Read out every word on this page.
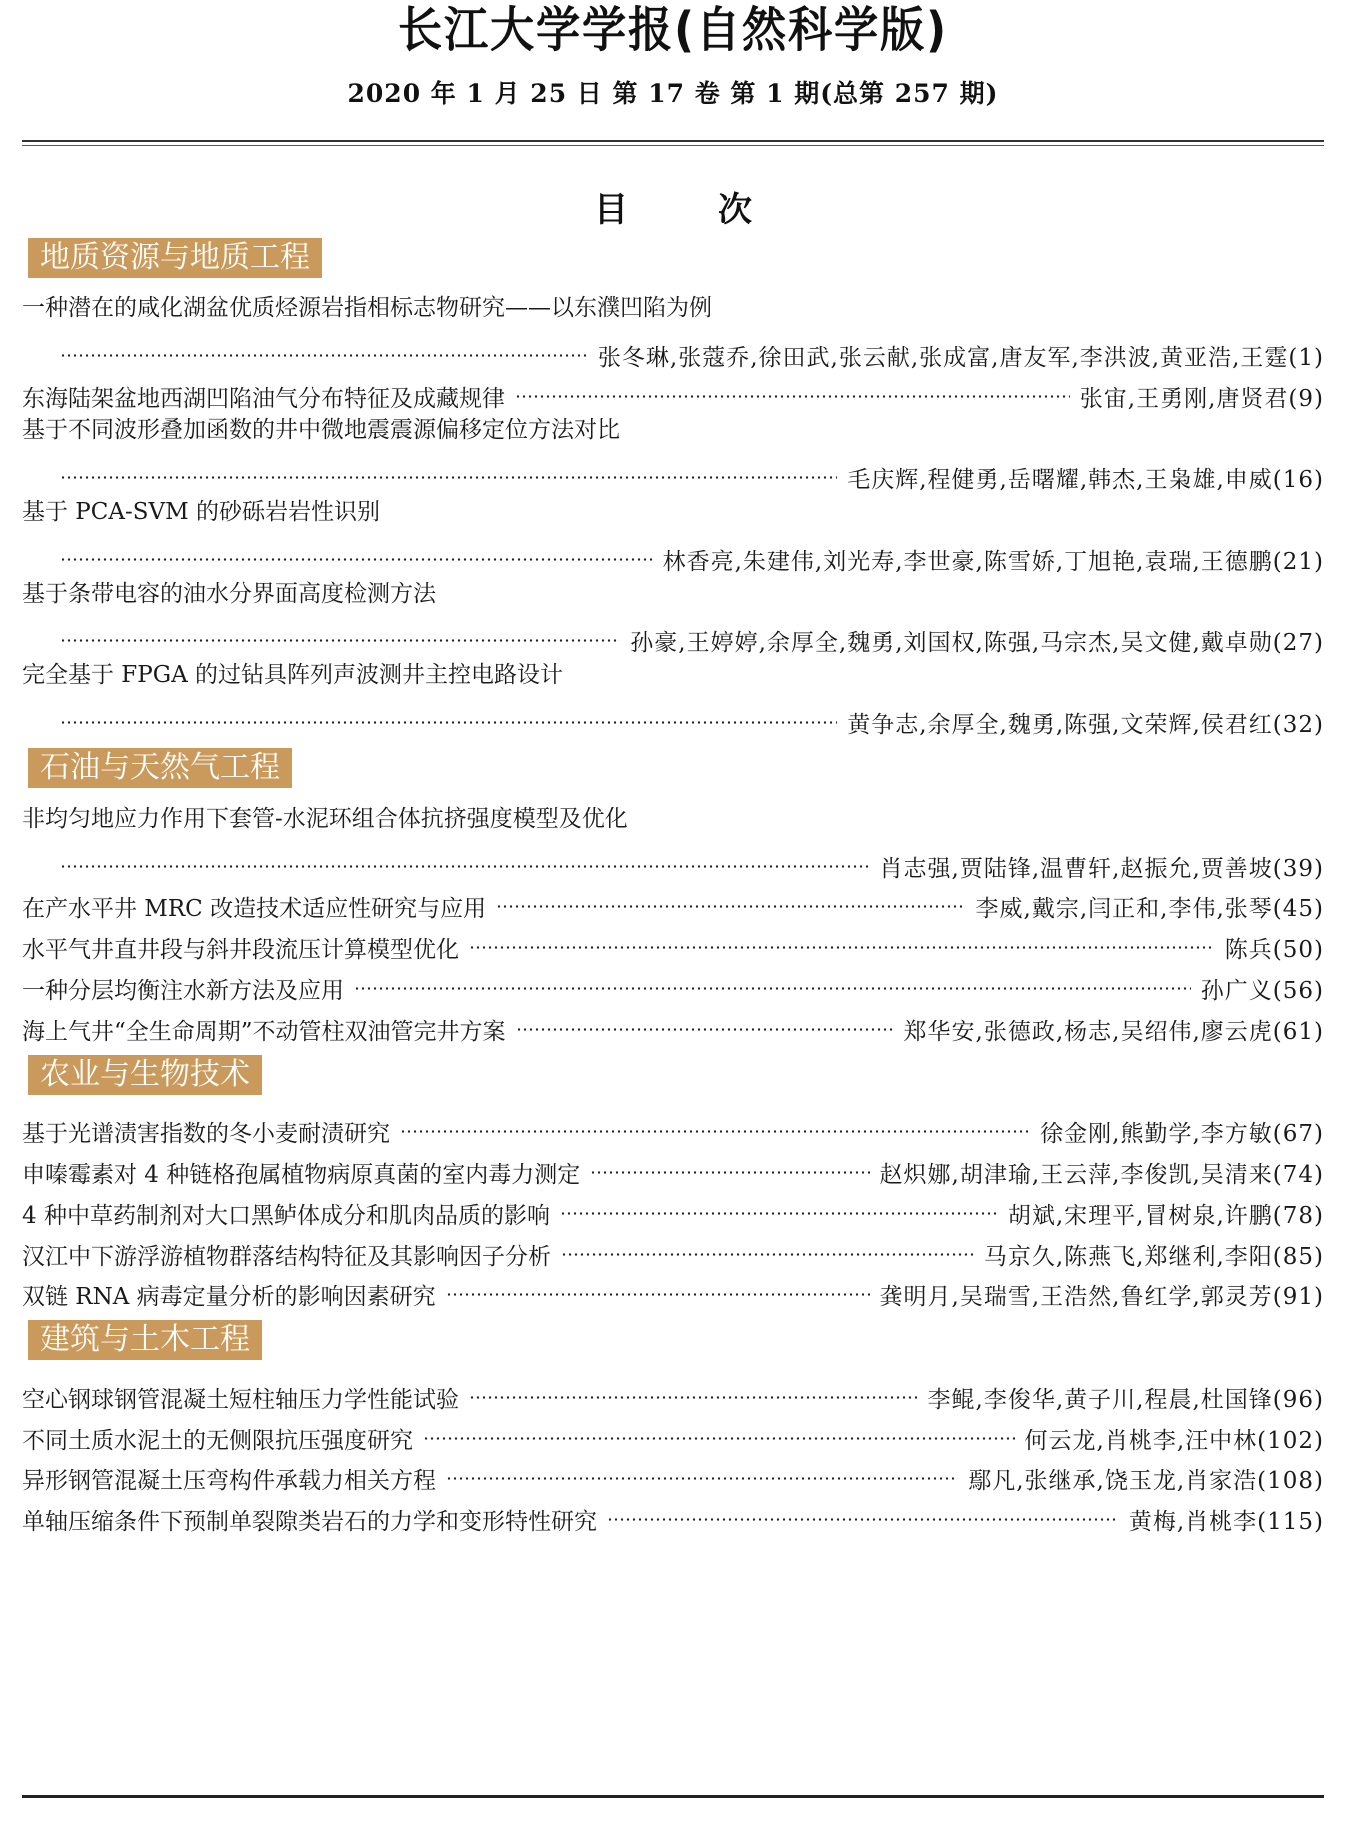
长江大学学报(自然科学版)
2020 年 1 月 25 日 第 17 卷 第 1 期(总第 257 期)
目	次
地质资源与地质工程
一种潜在的咸化湖盆优质烃源岩指相标志物研究——以东濮凹陷为例
张冬琳,张蔻乔,徐田武,张云献,张成富,唐友军,李洪波,黄亚浩,王霆(1)
东海陆架盆地西湖凹陷油气分布特征及成藏规律	张宙,王勇刚,唐贤君(9)
基于不同波形叠加函数的井中微地震震源偏移定位方法对比
毛庆辉,程健勇,岳曙耀,韩杰,王枭雄,申威(16)
基于 PCA-SVM 的砂砾岩岩性识别
林香亮,朱建伟,刘光寿,李世豪,陈雪娇,丁旭艳,袁瑞,王德鹏(21)
基于条带电容的油水分界面高度检测方法
孙豪,王婷婷,余厚全,魏勇,刘国权,陈强,马宗杰,吴文健,戴卓勋(27)
完全基于 FPGA 的过钻具阵列声波测井主控电路设计
黄争志,余厚全,魏勇,陈强,文荣辉,侯君红(32)
石油与天然气工程
非均匀地应力作用下套管-水泥环组合体抗挤强度模型及优化
肖志强,贾陆锋,温曹轩,赵振允,贾善坡(39)
在产水平井 MRC 改造技术适应性研究与应用	李威,戴宗,闫正和,李伟,张琴(45)
水平气井直井段与斜井段流压计算模型优化	陈兵(50)
一种分层均衡注水新方法及应用	孙广义(56)
海上气井“全生命周期”不动管柱双油管完井方案	郑华安,张德政,杨志,吴绍伟,廖云虎(61)
农业与生物技术
基于光谱渍害指数的冬小麦耐渍研究	徐金刚,熊勤学,李方敏(67)
申嗪霉素对 4 种链格孢属植物病原真菌的室内毒力测定	赵炽娜,胡津瑜,王云萍,李俊凯,吴清来(74)
4 种中草药制剂对大口黑鲈体成分和肌肉品质的影响	胡斌,宋理平,冒树泉,许鹏(78)
汉江中下游浮游植物群落结构特征及其影响因子分析	马京久,陈燕飞,郑继利,李阳(85)
双链 RNA 病毒定量分析的影响因素研究	龚明月,吴瑞雪,王浩然,鲁红学,郭灵芳(91)
建筑与土木工程
空心钢球钢管混凝土短柱轴压力学性能试验	李鲲,李俊华,黄子川,程晨,杜国锋(96)
不同土质水泥土的无侧限抗压强度研究	何云龙,肖桃李,汪中林(102)
异形钢管混凝土压弯构件承载力相关方程	鄢凡,张继承,饶玉龙,肖家浩(108)
单轴压缩条件下预制单裂隙类岩石的力学和变形特性研究	黄梅,肖桃李(115)
